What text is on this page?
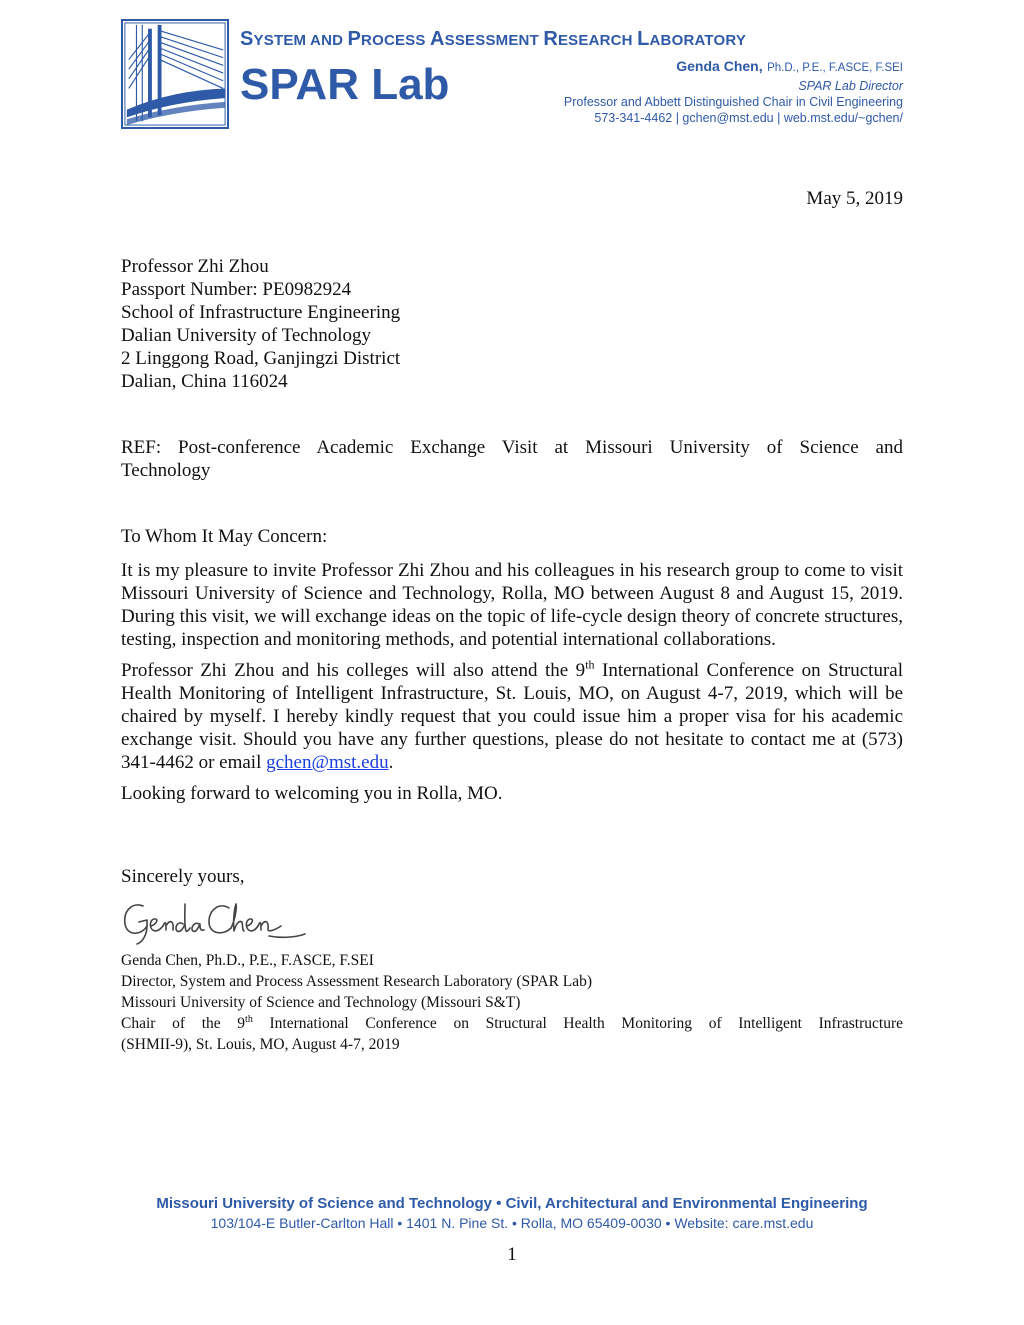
SYSTEM AND PROCESS ASSESSMENT RESEARCH LABORATORY
SPAR Lab	Genda Chen, Ph.D., P.E., F.ASCE, F.SEI
SPAR Lab Director
Professor and Abbett Distinguished Chair in Civil Engineering
573-341-4462 | gchen@mst.edu | web.mst.edu/~gchen/
May 5, 2019
Professor Zhi Zhou
Passport Number: PE0982924
School of Infrastructure Engineering
Dalian University of Technology
2 Linggong Road, Ganjingzi District
Dalian, China 116024
REF: Post-conference Academic Exchange Visit at Missouri University of Science and
Technology
To Whom It May Concern:

It is my pleasure to invite Professor Zhi Zhou and his colleagues in his research group to come to visit Missouri University of Science and Technology, Rolla, MO between August 8 and August 15, 2019. During this visit, we will exchange ideas on the topic of life-cycle design theory of concrete structures, testing, inspection and monitoring methods, and potential international collaborations.

Professor Zhi Zhou and his colleges will also attend the 9th International Conference on Structural Health Monitoring of Intelligent Infrastructure, St. Louis, MO, on August 4-7, 2019, which will be chaired by myself. I hereby kindly request that you could issue him a proper visa for his academic exchange visit. Should you have any further questions, please do not hesitate to contact me at (573) 341-4462 or email gchen@mst.edu.

Looking forward to welcoming you in Rolla, MO.

Sincerely yours,
Genda Chen, Ph.D., P.E., F.ASCE, F.SEI
Director, System and Process Assessment Research Laboratory (SPAR Lab)
Missouri University of Science and Technology (Missouri S&T)
Chair of the 9th International Conference on Structural Health Monitoring of Intelligent Infrastructure
(SHMII-9), St. Louis, MO, August 4-7, 2019
Missouri University of Science and Technology • Civil, Architectural and Environmental Engineering
103/104-E Butler-Carlton Hall • 1401 N. Pine St. • Rolla, MO 65409-0030 • Website: care.mst.edu
1
